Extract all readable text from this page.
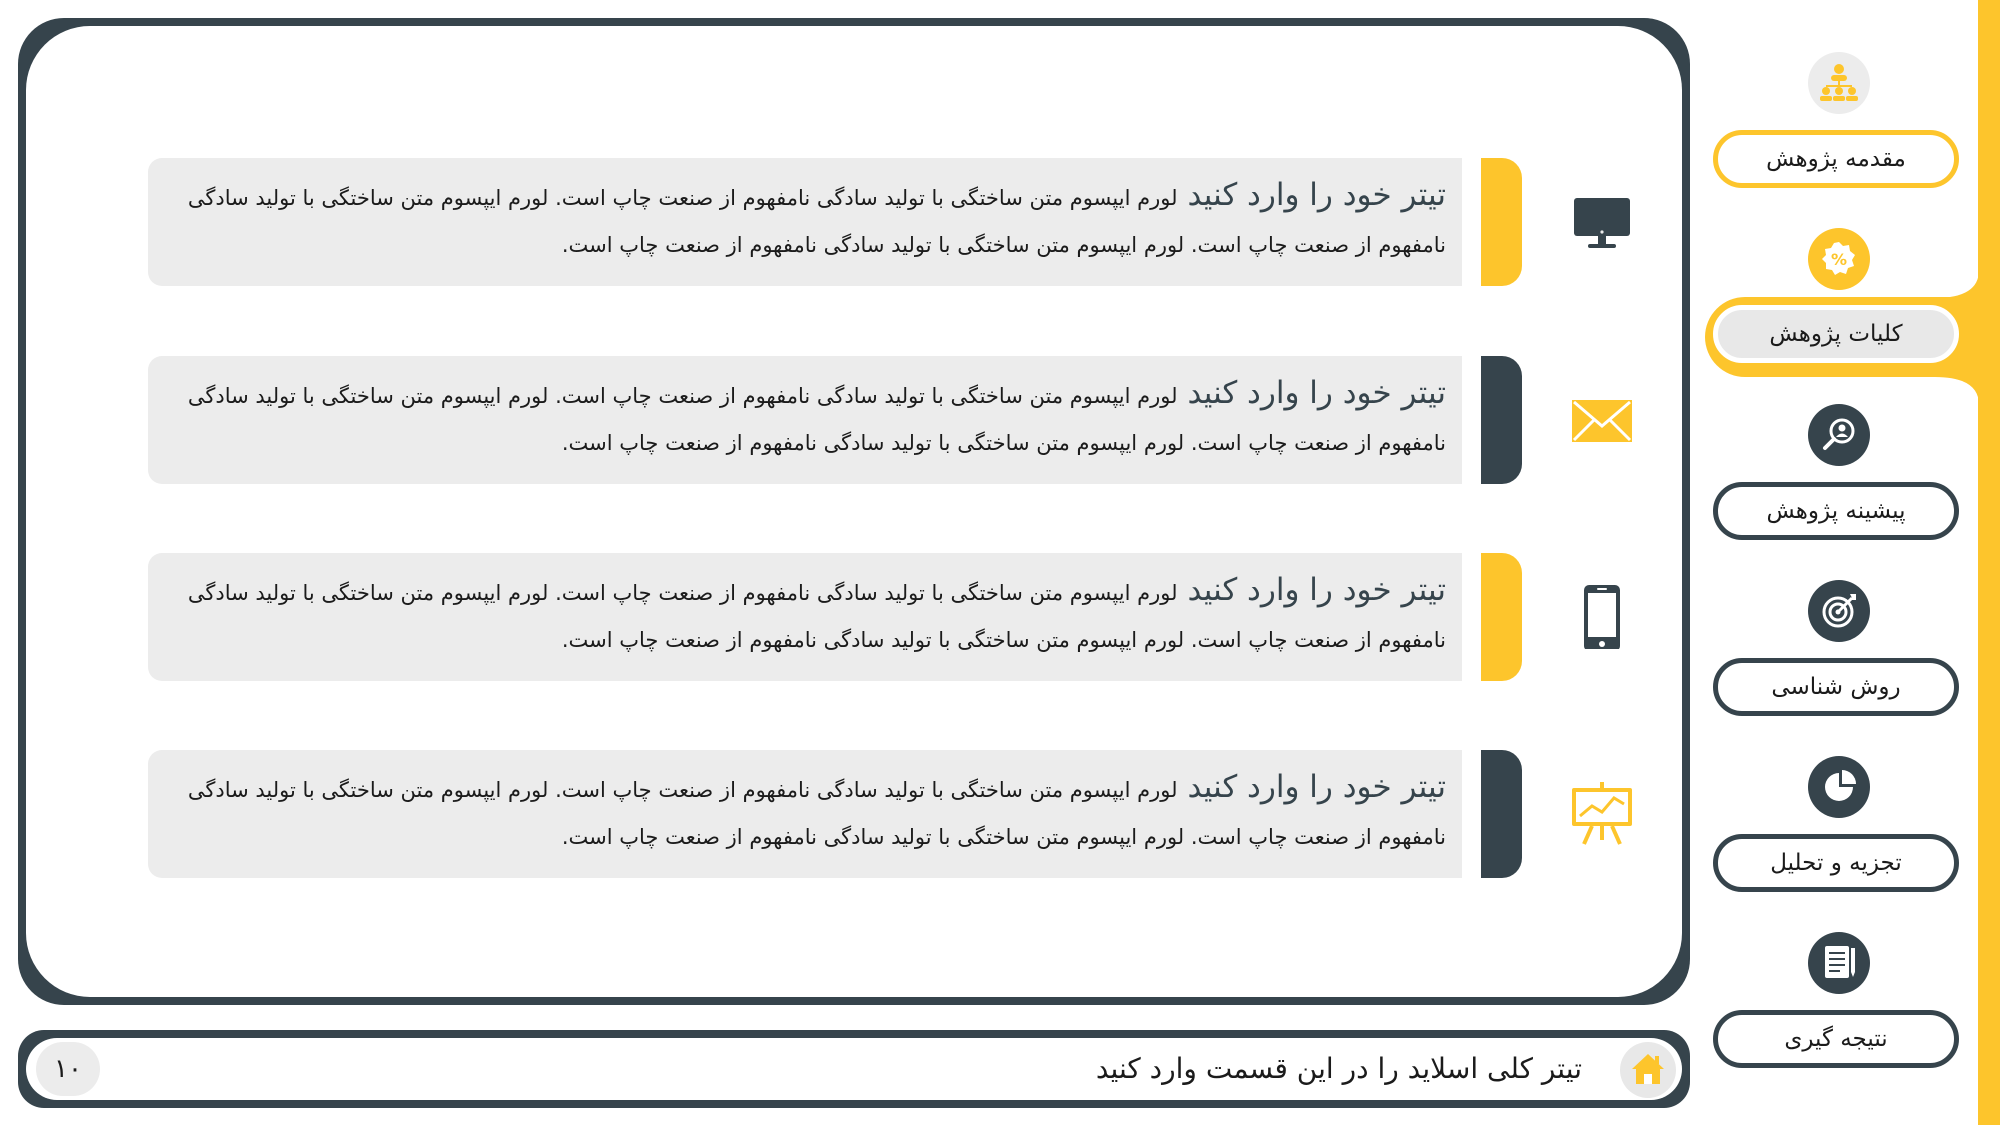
تیتر خود را وارد کنیدلورم ایپسوم متن ساختگی با تولید سادگی نامفهوم از صنعت چاپ است. لورم ایپسوم متن ساختگی با تولید سادگی نامفهوم از صنعت چاپ است. لورم ایپسوم متن ساختگی با تولید سادگی نامفهوم از صنعت چاپ است.
تیتر خود را وارد کنیدلورم ایپسوم متن ساختگی با تولید سادگی نامفهوم از صنعت چاپ است. لورم ایپسوم متن ساختگی با تولید سادگی نامفهوم از صنعت چاپ است. لورم ایپسوم متن ساختگی با تولید سادگی نامفهوم از صنعت چاپ است.
تیتر خود را وارد کنیدلورم ایپسوم متن ساختگی با تولید سادگی نامفهوم از صنعت چاپ است. لورم ایپسوم متن ساختگی با تولید سادگی نامفهوم از صنعت چاپ است. لورم ایپسوم متن ساختگی با تولید سادگی نامفهوم از صنعت چاپ است.
تیتر خود را وارد کنیدلورم ایپسوم متن ساختگی با تولید سادگی نامفهوم از صنعت چاپ است. لورم ایپسوم متن ساختگی با تولید سادگی نامفهوم از صنعت چاپ است. لورم ایپسوم متن ساختگی با تولید سادگی نامفهوم از صنعت چاپ است.
۱۰	تیتر کلی اسلاید را در این قسمت وارد کنید
مقدمه پژوهش
%
کلیات پژوهش
پیشینه پژوهش
روش شناسی
تجزیه و تحلیل
نتیجه گیری
